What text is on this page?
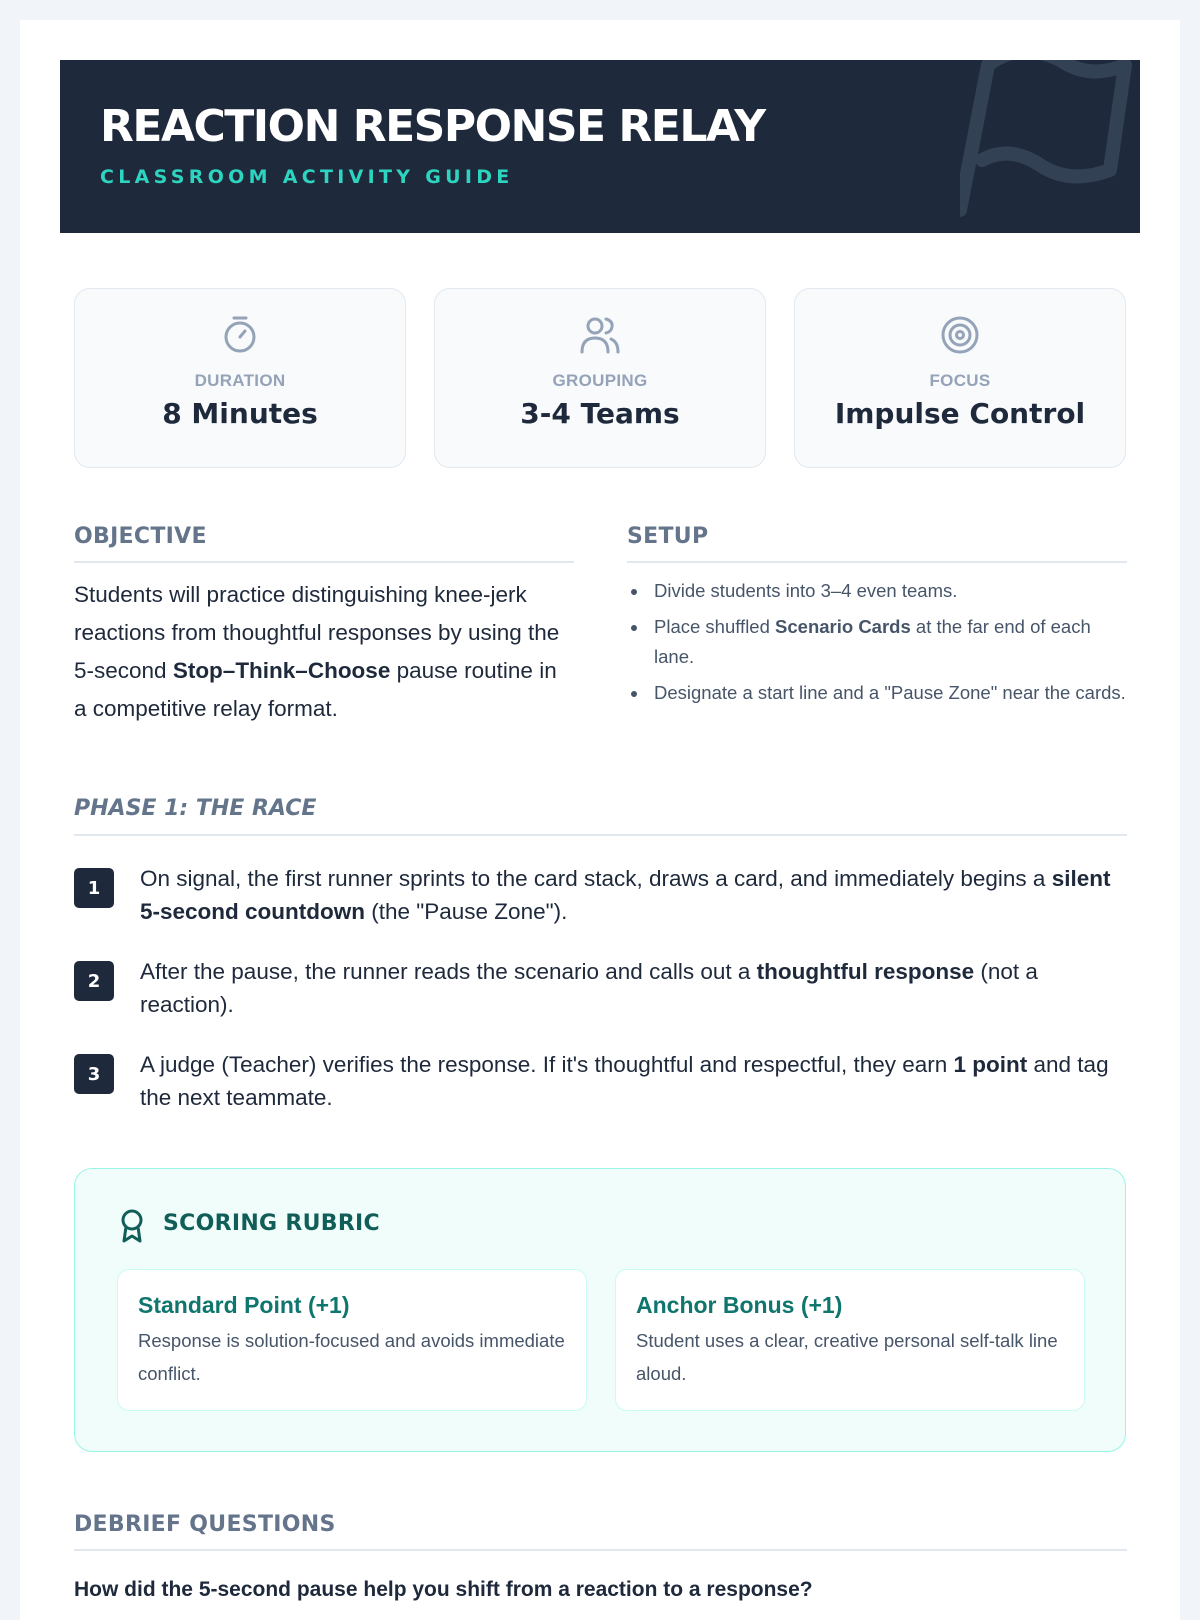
REACTION RESPONSE RELAY
CLASSROOM ACTIVITY GUIDE
DURATION
8 Minutes
GROUPING
3-4 Teams
FOCUS
Impulse Control
OBJECTIVE
Students will practice distinguishing knee-jerk reactions from thoughtful responses by using the 5-second Stop–Think–Choose pause routine in a competitive relay format.
SETUP
Divide students into 3–4 even teams.
Place shuffled Scenario Cards at the far end of each lane.
Designate a start line and a "Pause Zone" near the cards.
PHASE 1: THE RACE
1	On signal, the first runner sprints to the card stack, draws a card, and immediately begins a silent 5-second countdown (the "Pause Zone").
2	After the pause, the runner reads the scenario and calls out a thoughtful response (not a reaction).
3	A judge (Teacher) verifies the response. If it's thoughtful and respectful, they earn 1 point and tag the next teammate.
SCORING RUBRIC
Standard Point (+1)
Response is solution-focused and avoids immediate conflict.
Anchor Bonus (+1)
Student uses a clear, creative personal self-talk line aloud.
DEBRIEF QUESTIONS
How did the 5-second pause help you shift from a reaction to a response?
